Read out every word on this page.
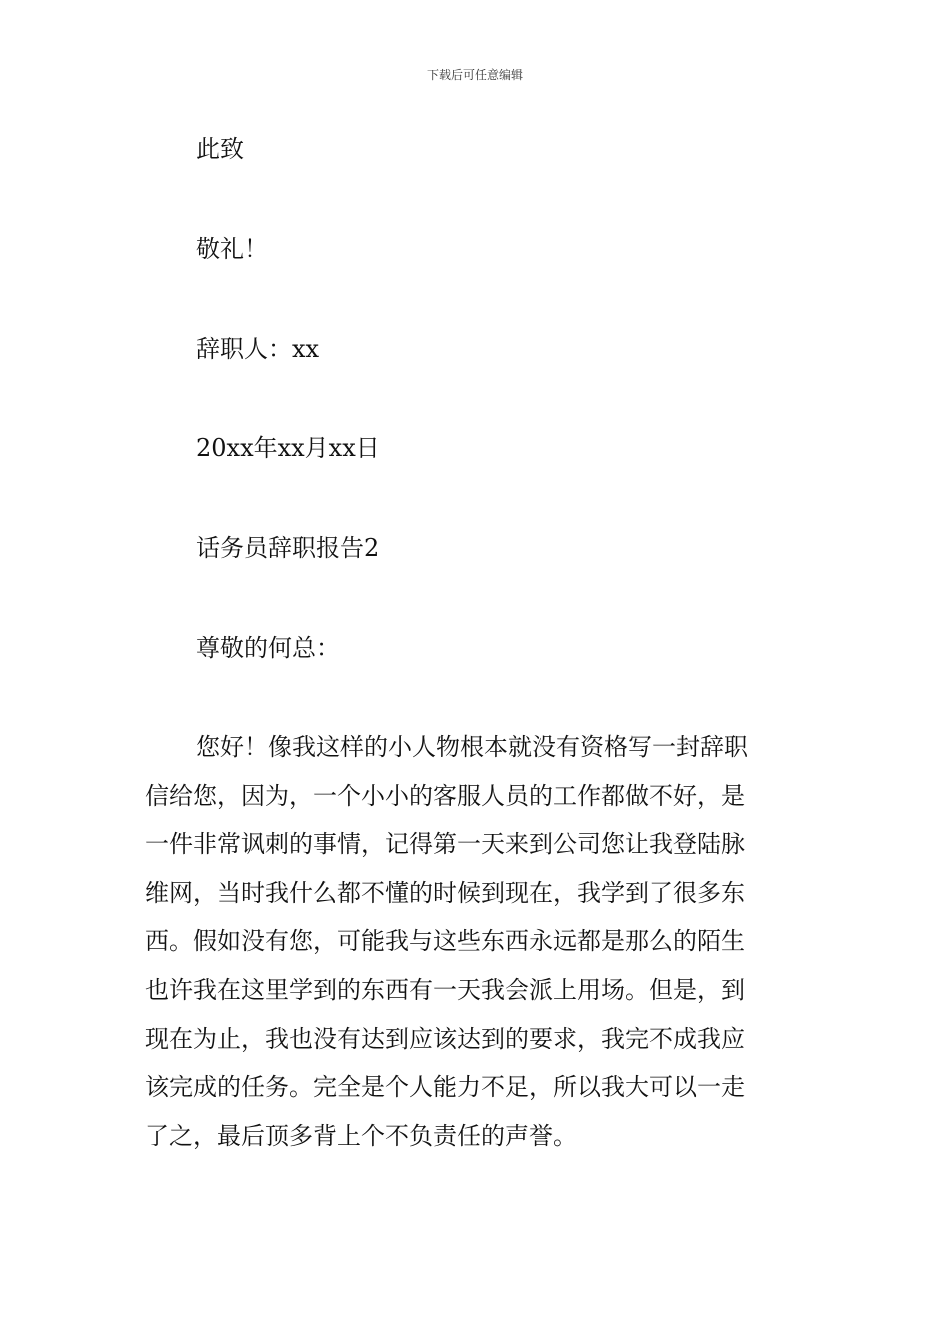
下载后可任意编辑
此致
敬礼！
辞职人：xx
20xx年xx月xx日
话务员辞职报告2
尊敬的何总：
您好！像我这样的小人物根本就没有资格写一封辞职
信给您，因为，一个小小的客服人员的工作都做不好，是
一件非常讽刺的事情，记得第一天来到公司您让我登陆脉
维网，当时我什么都不懂的时候到现在，我学到了很多东
西。假如没有您，可能我与这些东西永远都是那么的陌生
也许我在这里学到的东西有一天我会派上用场。但是，到
现在为止，我也没有达到应该达到的要求，我完不成我应
该完成的任务。完全是个人能力不足，所以我大可以一走
了之，最后顶多背上个不负责任的声誉。
